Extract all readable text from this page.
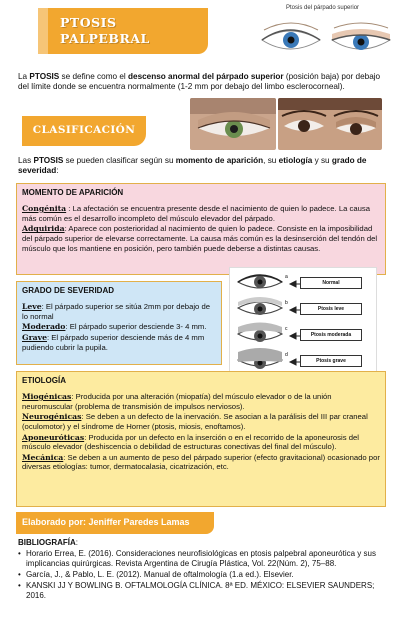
PTOSIS PALPEBRAL
Ptosis del párpado superior
La PTOSIS se define como el descenso anormal del párpado superior (posición baja) por debajo del límite donde se encuentra normalmente (1-2 mm por debajo del limbo esclerocorneal).
CLASIFICACIÓN
Las PTOSIS se pueden clasificar según su momento de aparición, su etiología y su grado de severidad:
MOMENTO DE APARICIÓN

Congénita : La afectación se encuentra presente desde el nacimiento de quien lo padece. La causa más común es el desarrollo incompleto del músculo elevador del párpado.

Adquirida: Aparece con posterioridad al nacimiento de quien lo padece. Consiste en la imposibilidad del párpado superior de elevarse correctamente. La causa más común es la desinserción del tendón del músculo que los mantiene en posición, pero también puede deberse a distintas causas.

GRADO DE SEVERIDAD

Leve: El párpado superior se sitúa 2mm por debajo de lo normal

Moderado: El párpado superior desciende 3- 4 mm.

Grave: El párpado superior desciende más de 4 mm pudiendo cubrir la pupila.

a
b
c
d
Normal
Ptosis leve
Ptosis moderada
Ptosis grave
ETIOLOGÍA

Miogénicas: Producida por una alteración (miopatía) del músculo elevador o de la unión neuromuscular (problema de transmisión de impulsos nerviosos).

Neurogénicas: Se deben a un defecto de la inervación. Se asocian a la parálisis del III par craneal (oculomotor) y el síndrome de Horner (ptosis, miosis, enoftamos).

Aponeuróticas: Producida por un defecto en la inserción o en el recorrido de la aponeurosis del músculo elevador (deshiscencia o debilidad de estructuras conectivas del final del músculo).

Mecánica: Se deben a un aumento de peso del párpado superior (efecto gravitacional) ocasionado por diversas etiologías: tumor, dermatocalasia, cicatrización, etc.

Elaborado por: Jeniffer Paredes Lamas
BIBLIOGRAFÍA:
• Horario Errea, E. (2016). Consideraciones neurofisiológicas en ptosis palpebral aponeurótica y sus implicancias quirúrgicas. Revista Argentina de Cirugía Plástica, Vol. 22(Núm. 2), 75–88.
• García, J., & Pablo, L. E. (2012). Manual de oftalmología (1.a ed.). Elsevier.
• KANSKI JJ Y BOWLING B. OFTALMOLOGÍA CLÍNICA. 8ª ED. MÉXICO: ELSEVIER SAUNDERS; 2016.
